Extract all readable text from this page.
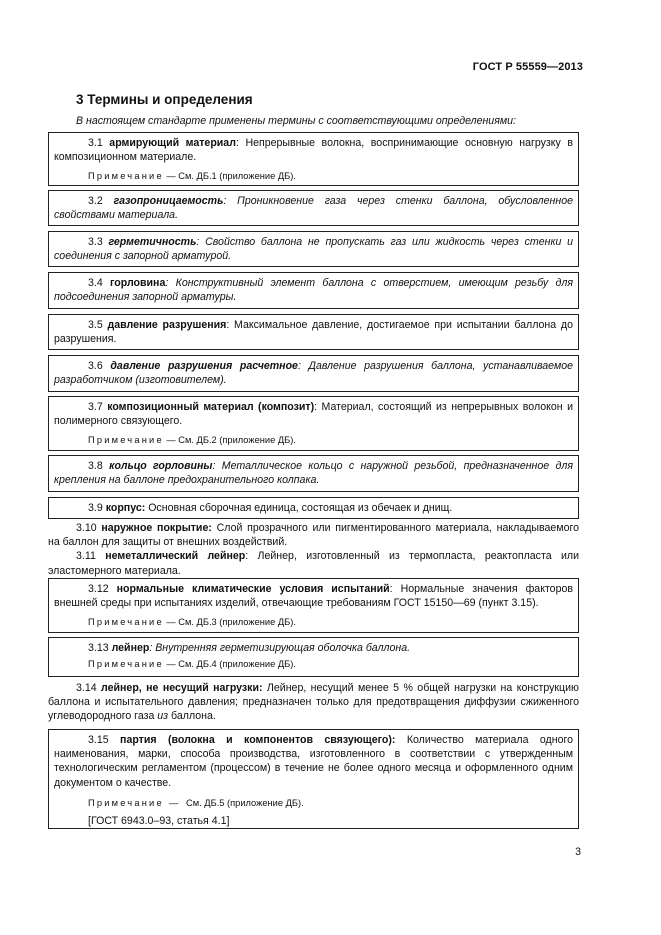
ГОСТ Р 55559—2013
3 Термины и определения
В настоящем стандарте применены термины с соответствующими определениями:

3.1 армирующий материал: Непрерывные волокна, воспринимающие основную нагрузку в композиционном материале.

Примечание — См. ДБ.1 (приложение ДБ).

3.2 газопроницаемость: Проникновение газа через стенки баллона, обусловленное свойствами материала.

3.3 герметичность: Свойство баллона не пропускать газ или жидкость через стенки и соединения с запорной арматурой.

3.4 горловина: Конструктивный элемент баллона с отверстием, имеющим резьбу для подсоединения запорной арматуры.

3.5 давление разрушения: Максимальное давление, достигаемое при испытании баллона до разрушения.

3.6 давление разрушения расчетное: Давление разрушения баллона, устанавливаемое разработчиком (изготовителем).

3.7 композиционный материал (композит): Материал, состоящий из непрерывных волокон и полимерного связующего.

Примечание — См. ДБ.2 (приложение ДБ).

3.8 кольцо горловины: Металлическое кольцо с наружной резьбой, предназначенное для крепления на баллоне предохранительного колпака.

3.9 корпус: Основная сборочная единица, состоящая из обечаек и днищ.

3.10 наружное покрытие: Слой прозрачного или пигментированного материала, накладываемого на баллон для защиты от внешних воздействий.

3.11 неметаллический лейнер: Лейнер, изготовленный из термопласта, реактопласта или эластомерного материала.

3.12 нормальные климатические условия испытаний: Нормальные значения факторов внешней среды при испытаниях изделий, отвечающие требованиям ГОСТ 15150—69 (пункт 3.15).

Примечание — См. ДБ.3 (приложение ДБ).

3.13 лейнер: Внутренняя герметизирующая оболочка баллона.

Примечание — См. ДБ.4 (приложение ДБ).

3.14 лейнер, не несущий нагрузки: Лейнер, несущий менее 5 % общей нагрузки на конструкцию баллона и испытательного давления; предназначен только для предотвращения диффузии сжиженного углеводородного газа из баллона.

3.15 партия (волокна и компонентов связующего): Количество материала одного наименования, марки, способа производства, изготовленного в соответствии с утвержденным технологическим регламентом (процессом) в течение не более одного месяца и оформленного одним документом о качестве.

Примечание  —   См. ДБ.5 (приложение ДБ).

[ГОСТ 6943.0–93, статья 4.1]

3
